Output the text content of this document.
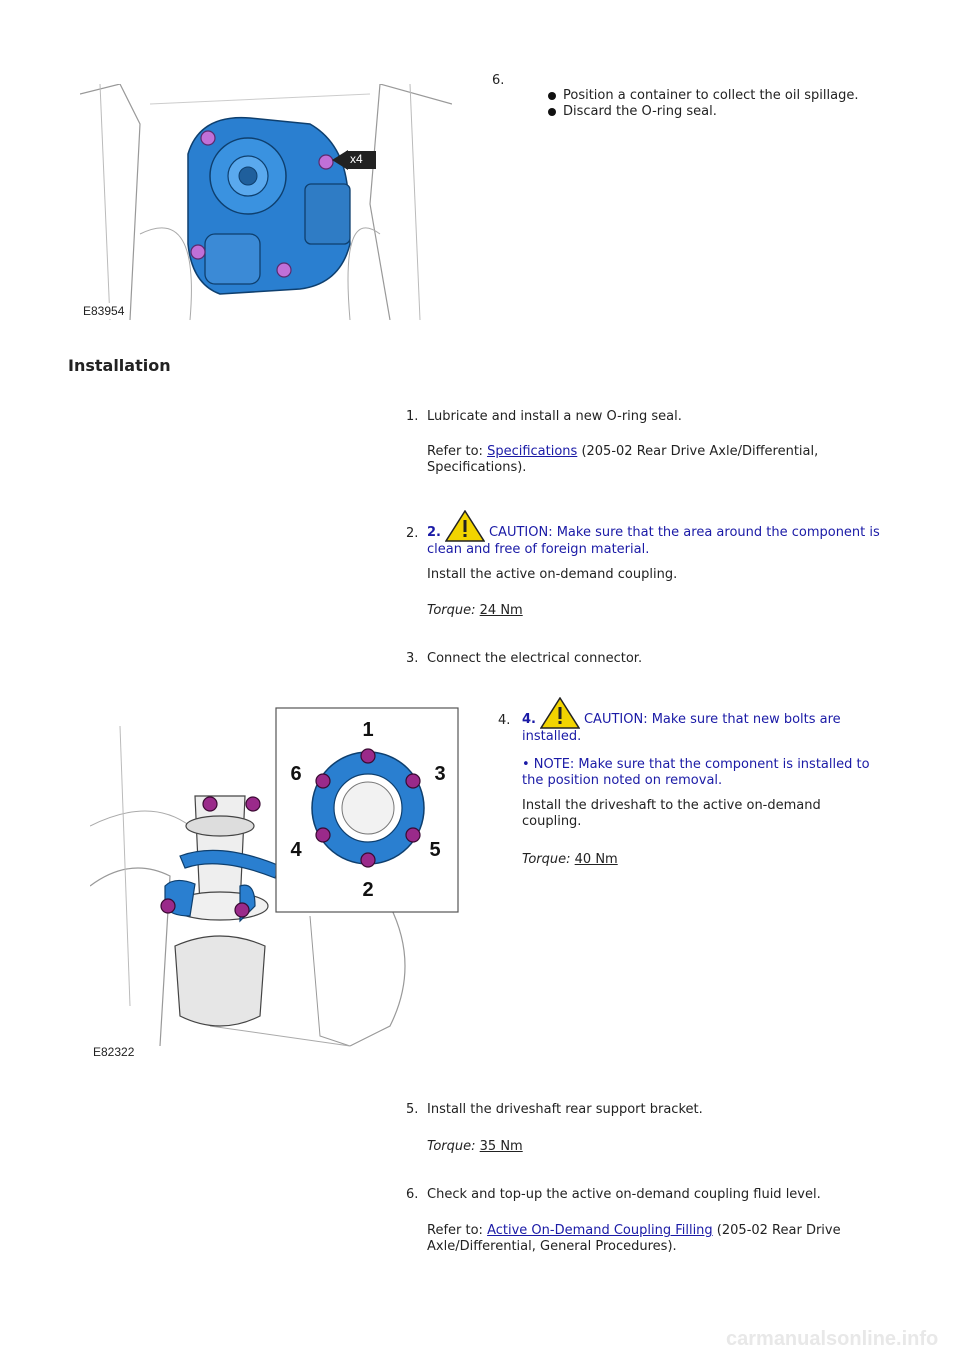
x4
E83954
6.
Position a container to collect the oil spillage.
Discard the O-ring seal.
Installation
1. Lubricate and install a new O-ring seal.
Refer to: Specifications (205-02 Rear Drive Axle/Differential, Specifications).
2. 2.	CAUTION: Make sure that the area around the component is clean and free of foreign material.
Install the active on-demand coupling.
Torque: 24 Nm
3. Connect the electrical connector.
1
2
3
4	5
6
E82322
4. 4.	CAUTION: Make sure that new bolts are installed.
• NOTE: Make sure that the component is installed to the position noted on removal.
Install the driveshaft to the active on-demand coupling.
Torque: 40 Nm
5. Install the driveshaft rear support bracket.
Torque: 35 Nm
6. Check and top-up the active on-demand coupling fluid level.
Refer to: Active On-Demand Coupling Filling (205-02 Rear Drive Axle/Differential, General Procedures).
carmanualsonline.info
